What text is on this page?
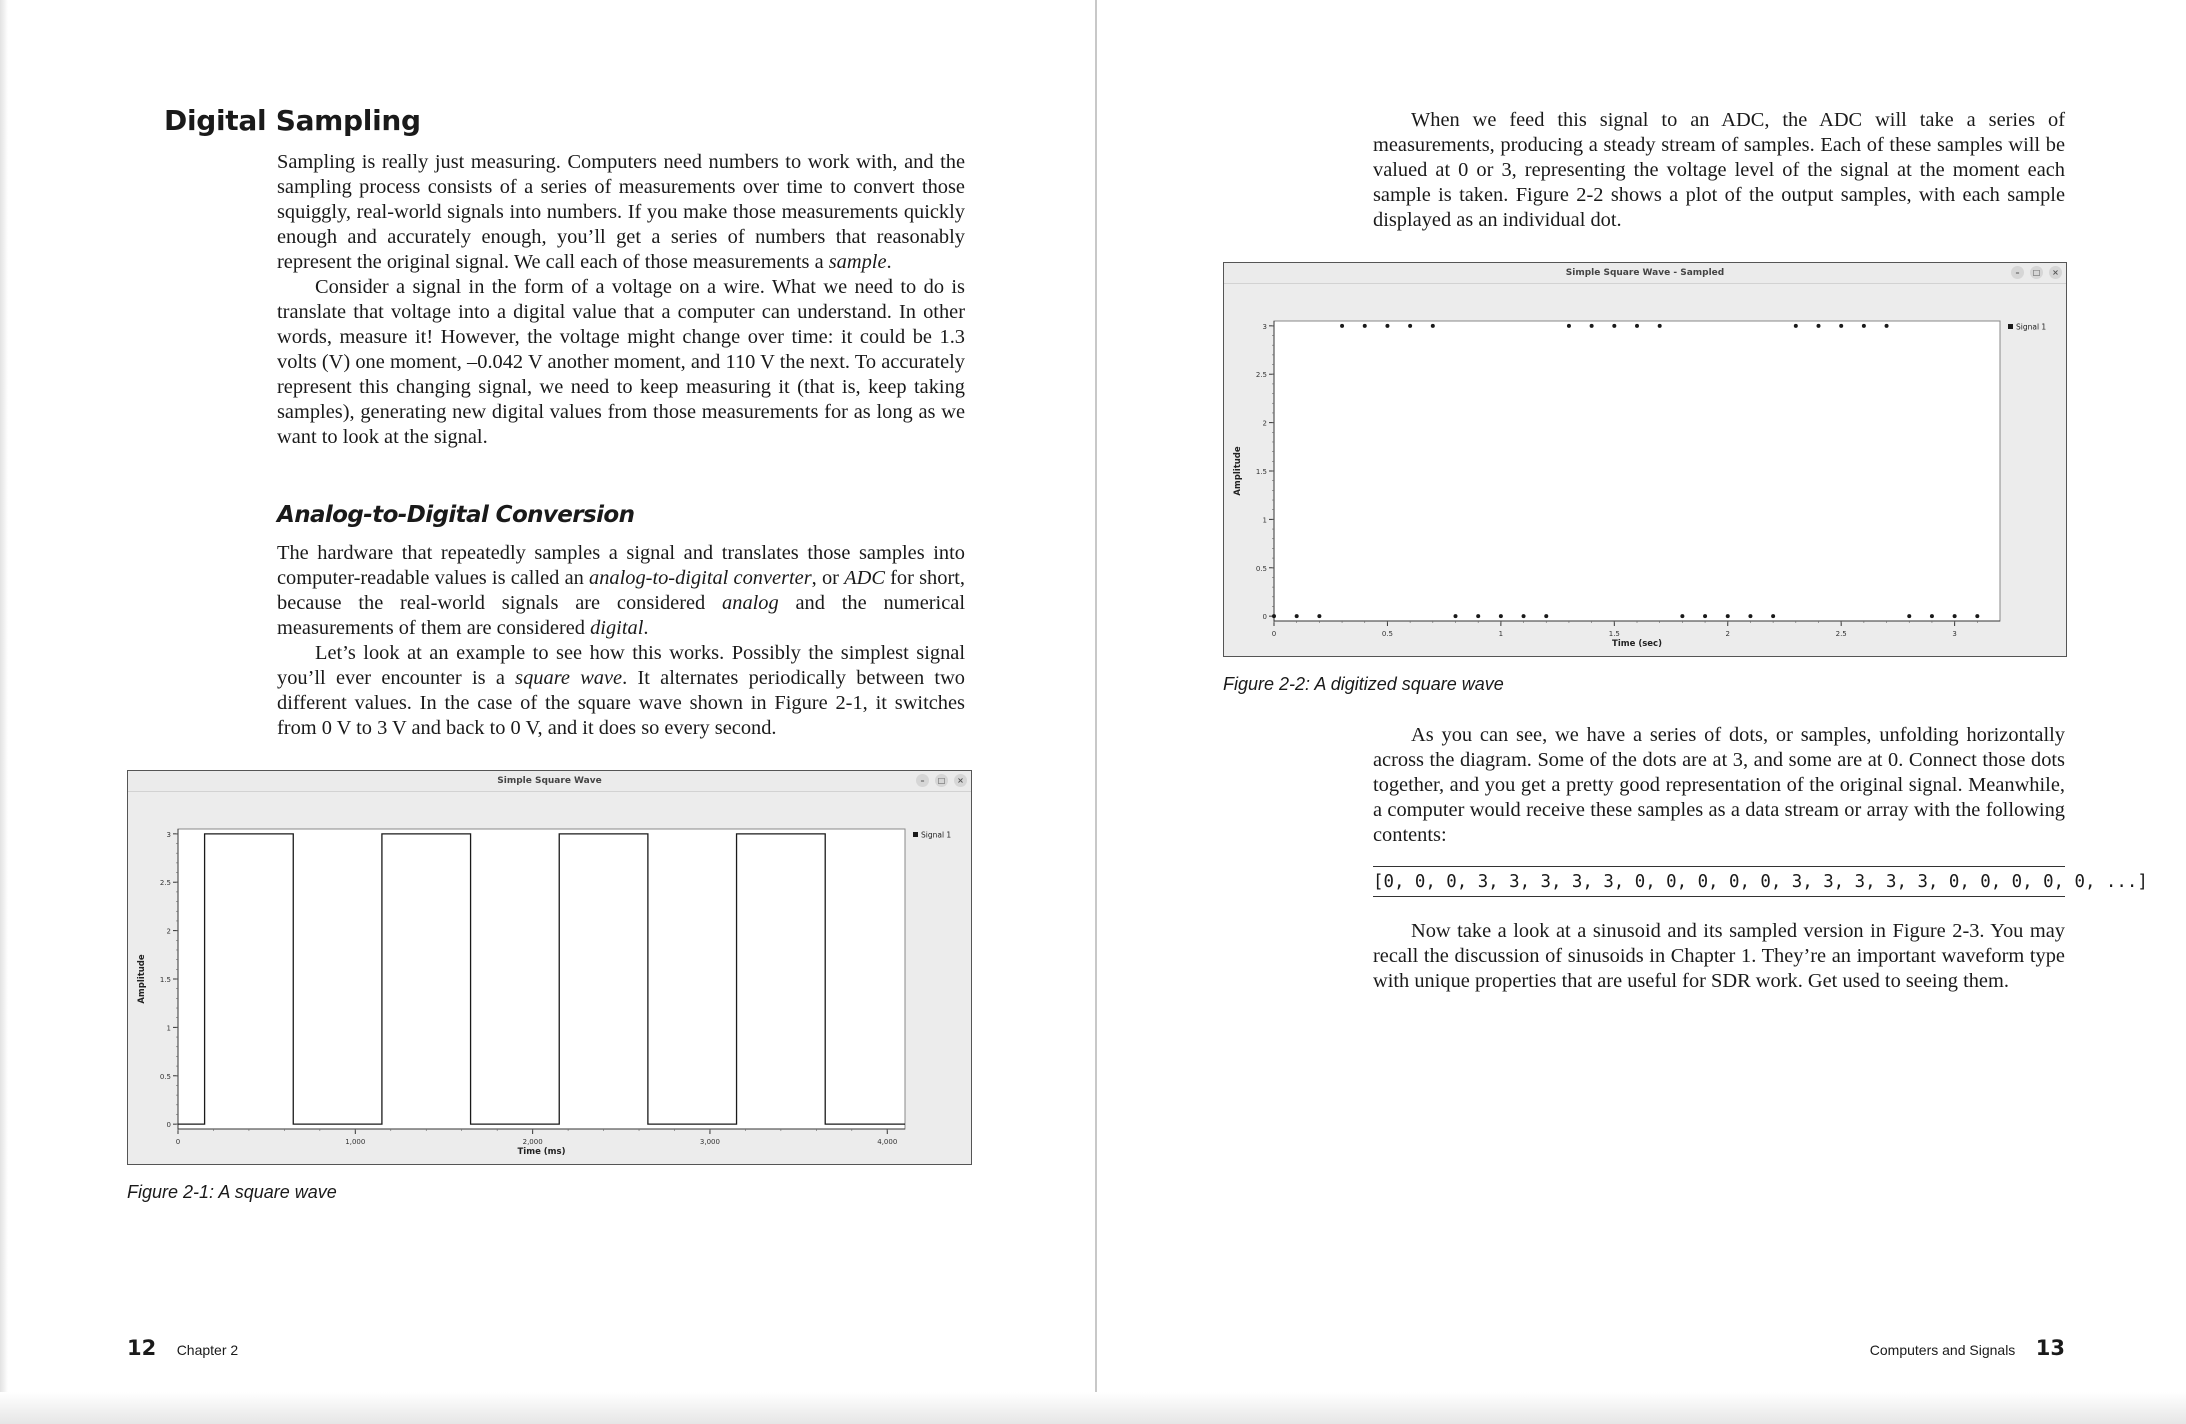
Digital Sampling

Sampling is really just measuring. Computers need numbers to work with, and the sampling process consists of a series of measurements over time to convert those squiggly, real-world signals into numbers. If you make those measurements quickly enough and accurately enough, you’ll get a series of numbers that reasonably represent the original signal. We call each of those measurements a sample.

Consider a signal in the form of a voltage on a wire. What we need to do is translate that voltage into a digital value that a computer can understand. In other words, measure it! However, the voltage might change over time: it could be 1.3 volts (V) one moment, –0.042 V another moment, and 110 V the next. To accurately represent this changing signal, we need to keep measuring it (that is, keep taking samples), generating new digital values from those measurements for as long as we want to look at the signal.

Analog-to-Digital Conversion

The hardware that repeatedly samples a signal and translates those samples into computer-readable values is called an analog-to-digital converter, or ADC for short, because the real-world signals are considered analog and the numerical measurements of them are considered digital.

Let’s look at an example to see how this works. Possibly the simplest signal you’ll ever encounter is a square wave. It alternates periodically between two different values. In the case of the square wave shown in Figure 2-1, it switches from 0 V to 3 V and back to 0 V, and it does so every second.

Simple Square Wave	–	□	×
0
0.5
1
1.5
2
2.5
3
0	1,000	2,000	3,000	4,000
Time (ms)
Amplitude
Signal 1
Figure 2-1: A square wave
12 Chapter 2

When we feed this signal to an ADC, the ADC will take a series of measurements, producing a steady stream of samples. Each of these samples will be valued at 0 or 3, representing the voltage level of the signal at the moment each sample is taken. Figure 2-2 shows a plot of the output samples, with each sample displayed as an individual dot.

Simple Square Wave - Sampled	–	□	×
0
0.5
1
1.5
2
2.5
3
0	0.5	1	1.5	2	2.5	3
Time (sec)
Amplitude
Signal 1
Figure 2-2: A digitized square wave

As you can see, we have a series of dots, or samples, unfolding horizontally across the diagram. Some of the dots are at 3, and some are at 0. Connect those dots together, and you get a pretty good representation of the original signal. Meanwhile, a computer would receive these samples as a data stream or array with the following contents:

[0, 0, 0, 3, 3, 3, 3, 3, 0, 0, 0, 0, 0, 3, 3, 3, 3, 3, 0, 0, 0, 0, 0, ...]

Now take a look at a sinusoid and its sampled version in Figure 2-3. You may recall the discussion of sinusoids in Chapter 1. They’re an important waveform type with unique properties that are useful for SDR work. Get used to seeing them.

Computers and Signals 13
